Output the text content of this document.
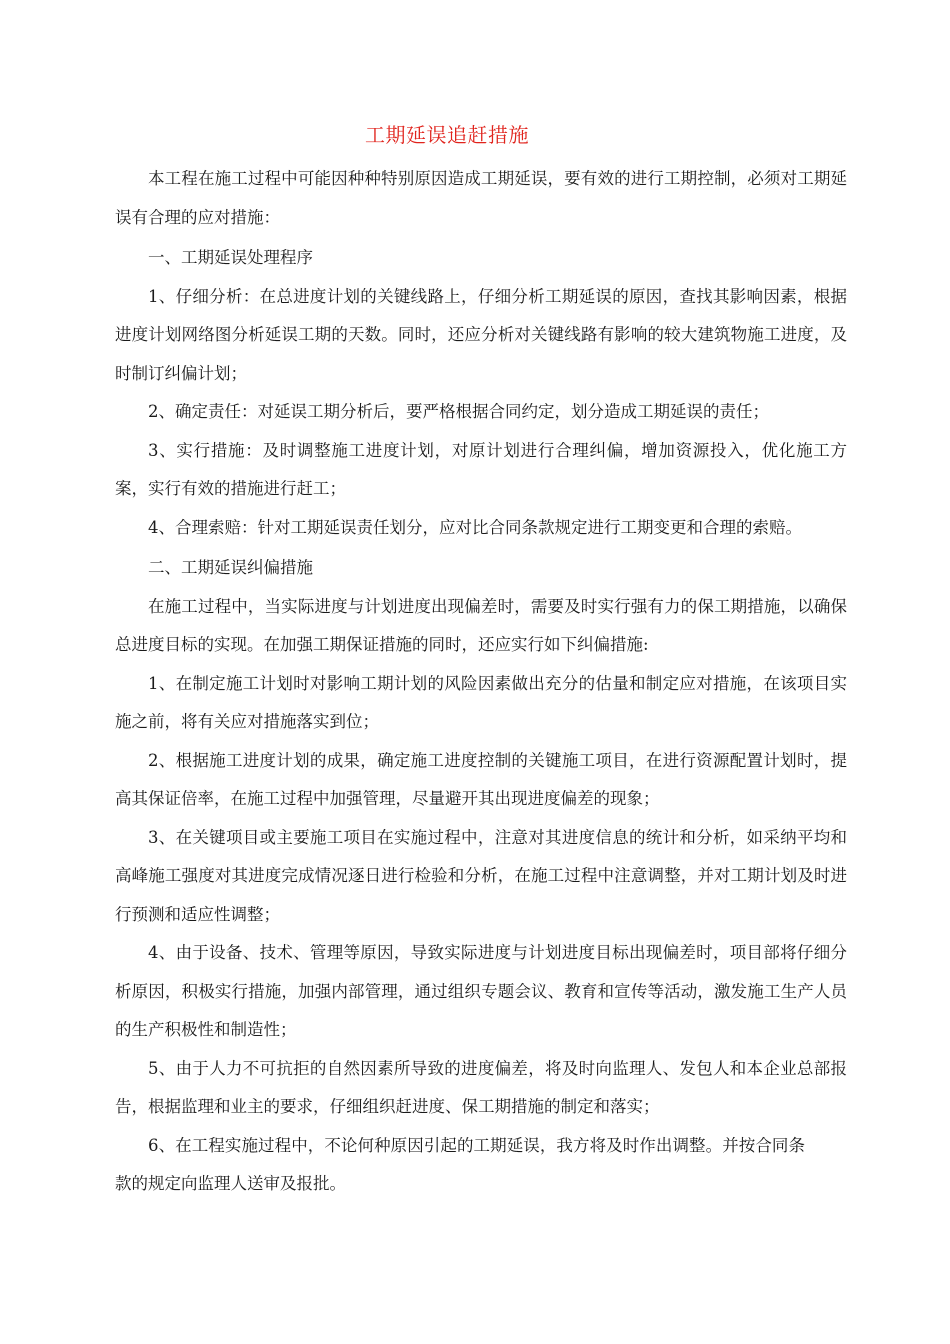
工期延误追赶措施

本工程在施工过程中可能因种种特别原因造成工期延误，要有效的进行工期控制，必须对工期延误有合理的应对措施：

一、工期延误处理程序

1、仔细分析：在总进度计划的关键线路上，仔细分析工期延误的原因，查找其影响因素，根据进度计划网络图分析延误工期的天数。同时，还应分析对关键线路有影响的较大建筑物施工进度，及时制订纠偏计划；

2、确定责任：对延误工期分析后，要严格根据合同约定，划分造成工期延误的责任；

3、实行措施：及时调整施工进度计划，对原计划进行合理纠偏，增加资源投入，优化施工方案，实行有效的措施进行赶工；

4、合理索赔：针对工期延误责任划分，应对比合同条款规定进行工期变更和合理的索赔。

二、工期延误纠偏措施

在施工过程中，当实际进度与计划进度出现偏差时，需要及时实行强有力的保工期措施，以确保总进度目标的实现。在加强工期保证措施的同时，还应实行如下纠偏措施:

1、在制定施工计划时对影响工期计划的风险因素做出充分的估量和制定应对措施，在该项目实施之前，将有关应对措施落实到位；

2、根据施工进度计划的成果，确定施工进度控制的关键施工项目，在进行资源配置计划时，提高其保证倍率，在施工过程中加强管理，尽量避开其出现进度偏差的现象；

3、在关键项目或主要施工项目在实施过程中，注意对其进度信息的统计和分析，如采纳平均和高峰施工强度对其进度完成情况逐日进行检验和分析，在施工过程中注意调整，并对工期计划及时进行预测和适应性调整；

4、由于设备、技术、管理等原因，导致实际进度与计划进度目标出现偏差时，项目部将仔细分析原因，积极实行措施，加强内部管理，通过组织专题会议、教育和宣传等活动，激发施工生产人员的生产积极性和制造性；

5、由于人力不可抗拒的自然因素所导致的进度偏差，将及时向监理人、发包人和本企业总部报告，根据监理和业主的要求，仔细组织赶进度、保工期措施的制定和落实；

6、在工程实施过程中，不论何种原因引起的工期延误，我方将及时作出调整。并按合同条款的规定向监理人送审及报批。
